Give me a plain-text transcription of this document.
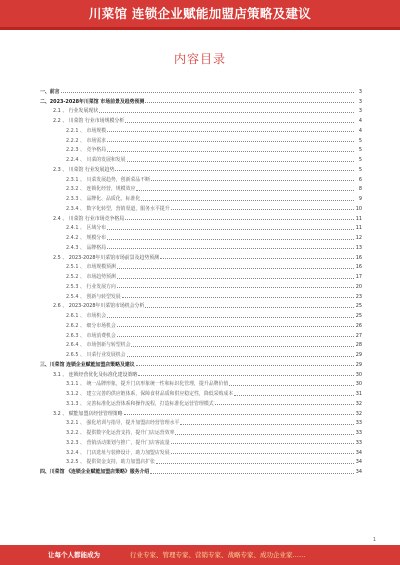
川菜馆 连锁企业赋能加盟店策略及建议
内容目录
一、前言	3
二、2023-2028年川菜馆 市场前景及趋势预测	3
2.1 、 行业发展现状	3
2.2 、 川菜馆 行业市场规模分析	4
2.2.1 、 市场规模	4
2.2.2 、 市场需求	5
2.2.3 、 竞争格局	5
2.2.4 、 川菜的发展和发展	5
2.3 、 川菜馆 行业发展趋势	5
2.3.1 、 川菜发展趋势，创新菜品不断	6
2.3.2 、 连锁化经营，规模效应	8
2.3.3 、 品牌化、品质化，标准化	9
2.3.4 、 数字化转型，营销渠道，服务水平提升	10
2.4 、 川菜馆 行业市场竞争格局	11
2.4.1 、 区域分布	11
2.4.2 、 规模分布	12
2.4.3 、 品牌格局	13
2.5 、 2023-2028年川菜馆市场前景及趋势预测	16
2.5.1 、 市场规模预测	16
2.5.2 、 市场趋势预测	17
2.5.3 、 行业发展方向	20
2.5.4 、 创新与转型发展	23
2.6 、 2023-2028年川菜馆市场机会分析	25
2.6.1 、 市场机会	25
2.6.2 、 细分市场机会	26
2.6.3 、 市场消费机会	27
2.6.4 、 市场创新与转型机会	28
2.6.5 、 川菜行业发展机会	29
三、川菜馆 连锁企业赋能加盟店策略及建议	29
3.1 、 连锁经营优化及标准化建设策略	30
3.1.1 、 统一品牌形象，提升门店形象统一性和标识化管理，提升品牌价值	30
3.1.2 、 建立完善的供应链体系，保障食材品质和供应稳定性，降低采购成本	31
3.1.3 、 完善标准化运营体系和操作流程，打造标准化运营管理模式	32
3.2 、 赋能加盟店经营管理策略	32
3.2.1 、 强化培训与指导，提升加盟店经营管理水平	33
3.2.2 、 提供数字化运营支持，提升门店运营效率	33
3.2.3 、 营销活动策划与推广，提升门店客流量	33
3.2.4 、 门店选址与装修设计，助力加盟店发展	34
3.2.5 、 提供资金支持，助力加盟店扩张	34
四、川菜馆 《连锁企业赋能加盟店策略》服务介绍	34
1
让每个人都能成为	行业专家、管理专家、营销专家、战略专家、成功企业家……
